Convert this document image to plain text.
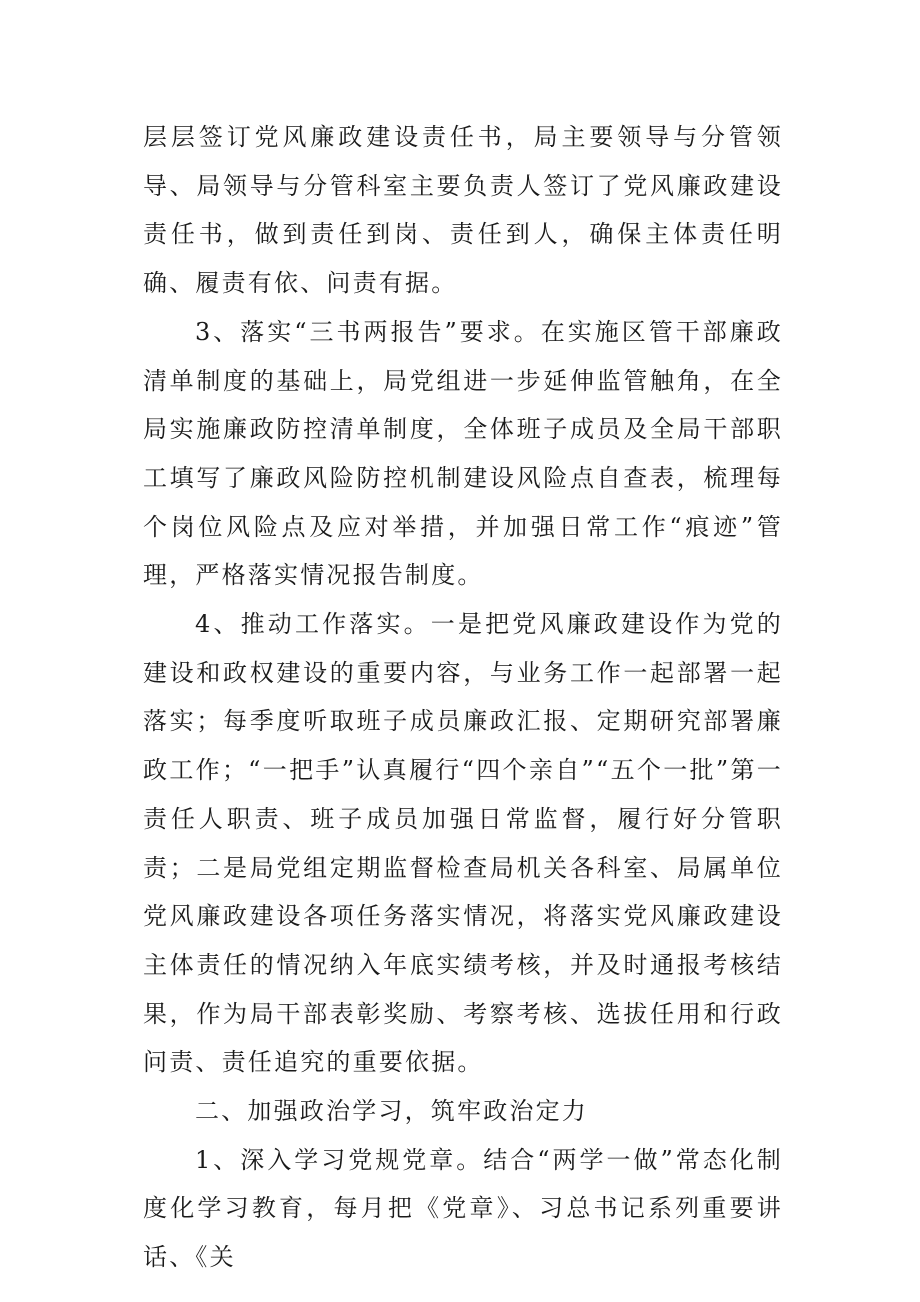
层层签订党风廉政建设责任书，局主要领导与分管领导、局领导与分管科室主要负责人签订了党风廉政建设责任书，做到责任到岗、责任到人，确保主体责任明确、履责有依、问责有据。

3、落实“三书两报告”要求。在实施区管干部廉政清单制度的基础上，局党组进一步延伸监管触角，在全局实施廉政防控清单制度，全体班子成员及全局干部职工填写了廉政风险防控机制建设风险点自查表，梳理每个岗位风险点及应对举措，并加强日常工作“痕迹”管理，严格落实情况报告制度。

4、推动工作落实。一是把党风廉政建设作为党的建设和政权建设的重要内容，与业务工作一起部署一起落实；每季度听取班子成员廉政汇报、定期研究部署廉政工作；“一把手”认真履行“四个亲自”“五个一批”第一责任人职责、班子成员加强日常监督，履行好分管职责；二是局党组定期监督检查局机关各科室、局属单位党风廉政建设各项任务落实情况，将落实党风廉政建设主体责任的情况纳入年底实绩考核，并及时通报考核结果，作为局干部表彰奖励、考察考核、选拔任用和行政问责、责任追究的重要依据。

二、加强政治学习，筑牢政治定力

1、深入学习党规党章。结合“两学一做”常态化制度化学习教育，每月把《党章》、习总书记系列重要讲话、《关
